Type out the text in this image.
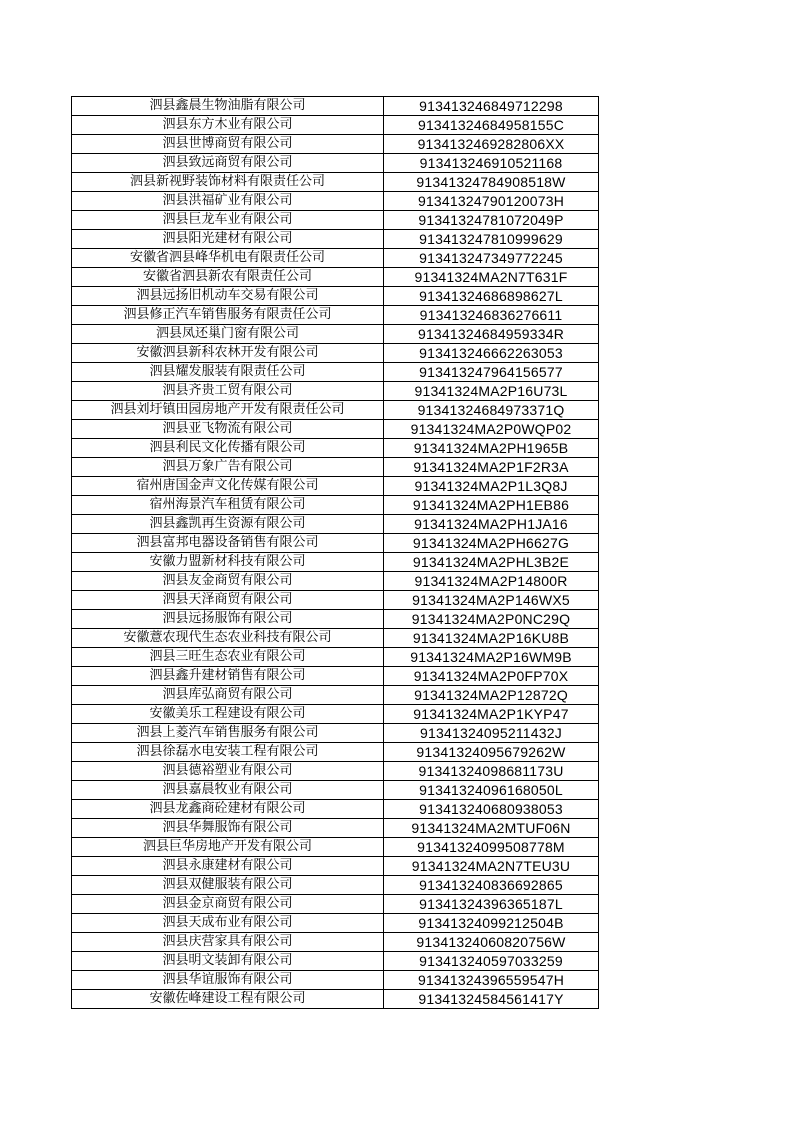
泗县鑫晨生物油脂有限公司	913413246849712298
泗县东方木业有限公司	91341324684958155C
泗县世博商贸有限公司	9134132469282806XX
泗县致远商贸有限公司	913413246910521168
泗县新视野装饰材料有限责任公司	91341324784908518W
泗县洪福矿业有限公司	91341324790120073H
泗县巨龙车业有限公司	91341324781072049P
泗县阳光建材有限公司	913413247810999629
安徽省泗县峰华机电有限责任公司	913413247349772245
安徽省泗县新农有限责任公司	91341324MA2N7T631F
泗县远扬旧机动车交易有限公司	91341324686898627L
泗县修正汽车销售服务有限责任公司	913413246836276611
泗县凤还巢门窗有限公司	91341324684959334R
安徽泗县新科农林开发有限公司	913413246662263053
泗县耀发服装有限责任公司	913413247964156577
泗县齐贵工贸有限公司	91341324MA2P16U73L
泗县刘圩镇田园房地产开发有限责任公司	91341324684973371Q
泗县亚飞物流有限公司	91341324MA2P0WQP02
泗县利民文化传播有限公司	91341324MA2PH1965B
泗县万象广告有限公司	91341324MA2P1F2R3A
宿州唐国金声文化传媒有限公司	91341324MA2P1L3Q8J
宿州海景汽车租赁有限公司	91341324MA2PH1EB86
泗县鑫凯再生资源有限公司	91341324MA2PH1JA16
泗县富邦电器设备销售有限公司	91341324MA2PH6627G
安徽力盟新材科技有限公司	91341324MA2PHL3B2E
泗县友金商贸有限公司	91341324MA2P14800R
泗县天泽商贸有限公司	91341324MA2P146WX5
泗县远扬服饰有限公司	91341324MA2P0NC29Q
安徽薏农现代生态农业科技有限公司	91341324MA2P16KU8B
泗县三旺生态农业有限公司	91341324MA2P16WM9B
泗县鑫升建材销售有限公司	91341324MA2P0FP70X
泗县库弘商贸有限公司	91341324MA2P12872Q
安徽美乐工程建设有限公司	91341324MA2P1KYP47
泗县上菱汽车销售服务有限公司	91341324095211432J
泗县徐磊水电安装工程有限公司	91341324095679262W
泗县德裕塑业有限公司	91341324098681173U
泗县嘉晨牧业有限公司	91341324096168050L
泗县龙鑫商砼建材有限公司	913413240680938053
泗县华舞服饰有限公司	91341324MA2MTUF06N
泗县巨华房地产开发有限公司	91341324099508778M
泗县永康建材有限公司	91341324MA2N7TEU3U
泗县双健服装有限公司	913413240836692865
泗县金京商贸有限公司	91341324396365187L
泗县天成布业有限公司	91341324099212504B
泗县庆营家具有限公司	91341324060820756W
泗县明文装卸有限公司	913413240597033259
泗县华谊服饰有限公司	91341324396559547H
安徽佐峰建设工程有限公司	91341324584561417Y
